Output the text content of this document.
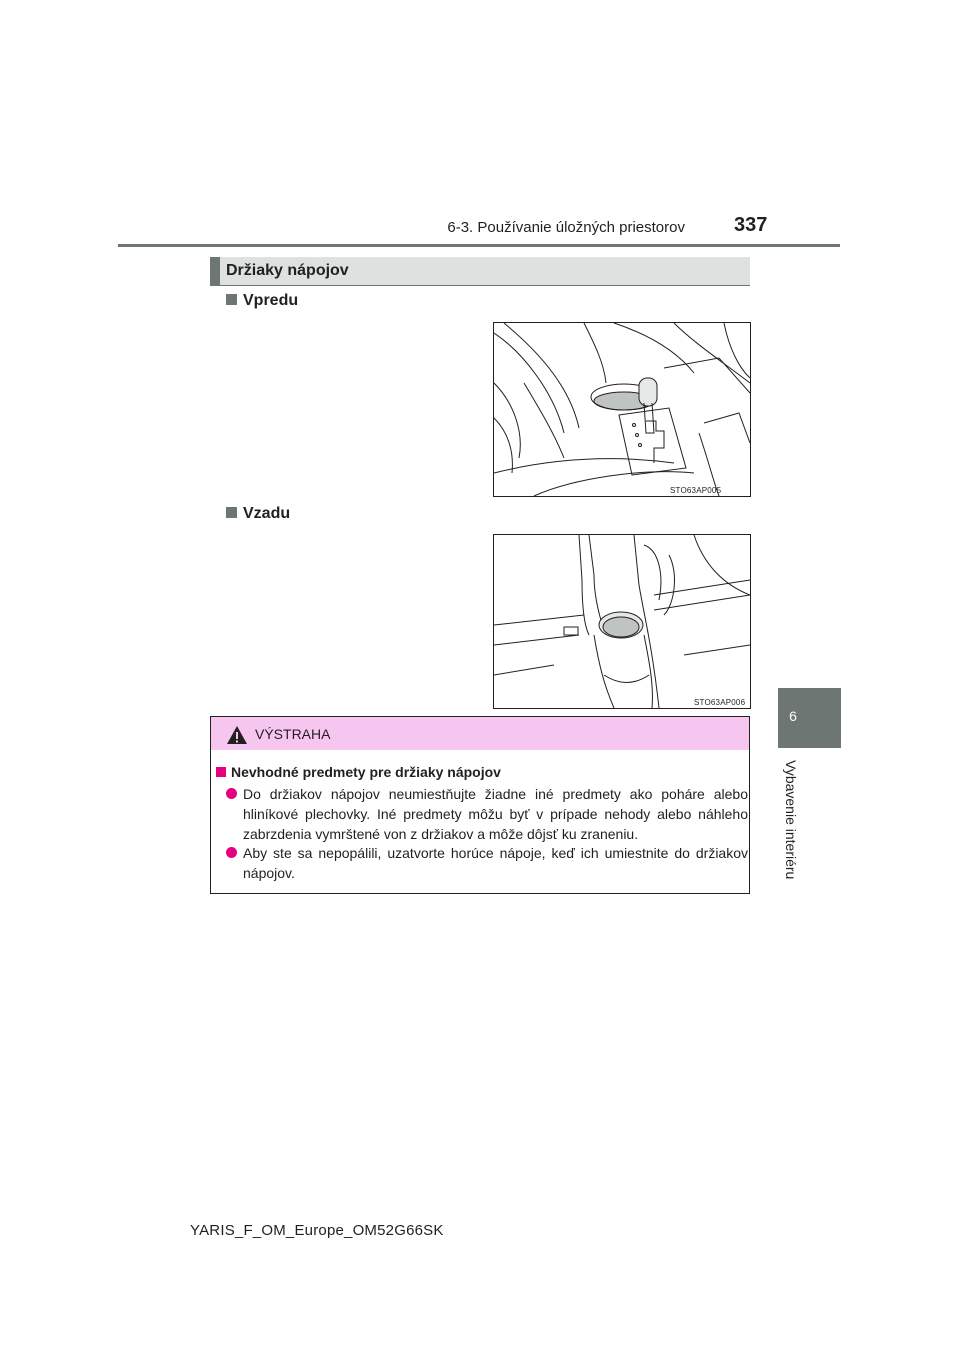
6-3. Používanie úložných priestorov 337
Držiaky nápojov
Vpredu
STO63AP005
Vzadu
STO63AP006
6
Vybavenie interiéru
VÝSTRAHA
Nevhodné predmety pre držiaky nápojov
Do držiakov nápojov neumiestňujte žiadne iné predmety ako poháre alebo hliníkové plechovky. Iné predmety môžu byť v prípade nehody alebo náhleho zabrzdenia vymrštené von z držiakov a môže dôjsť ku zraneniu.
Aby ste sa nepopálili, uzatvorte horúce nápoje, keď ich umiestnite do držiakov nápojov.
YARIS_F_OM_Europe_OM52G66SK
